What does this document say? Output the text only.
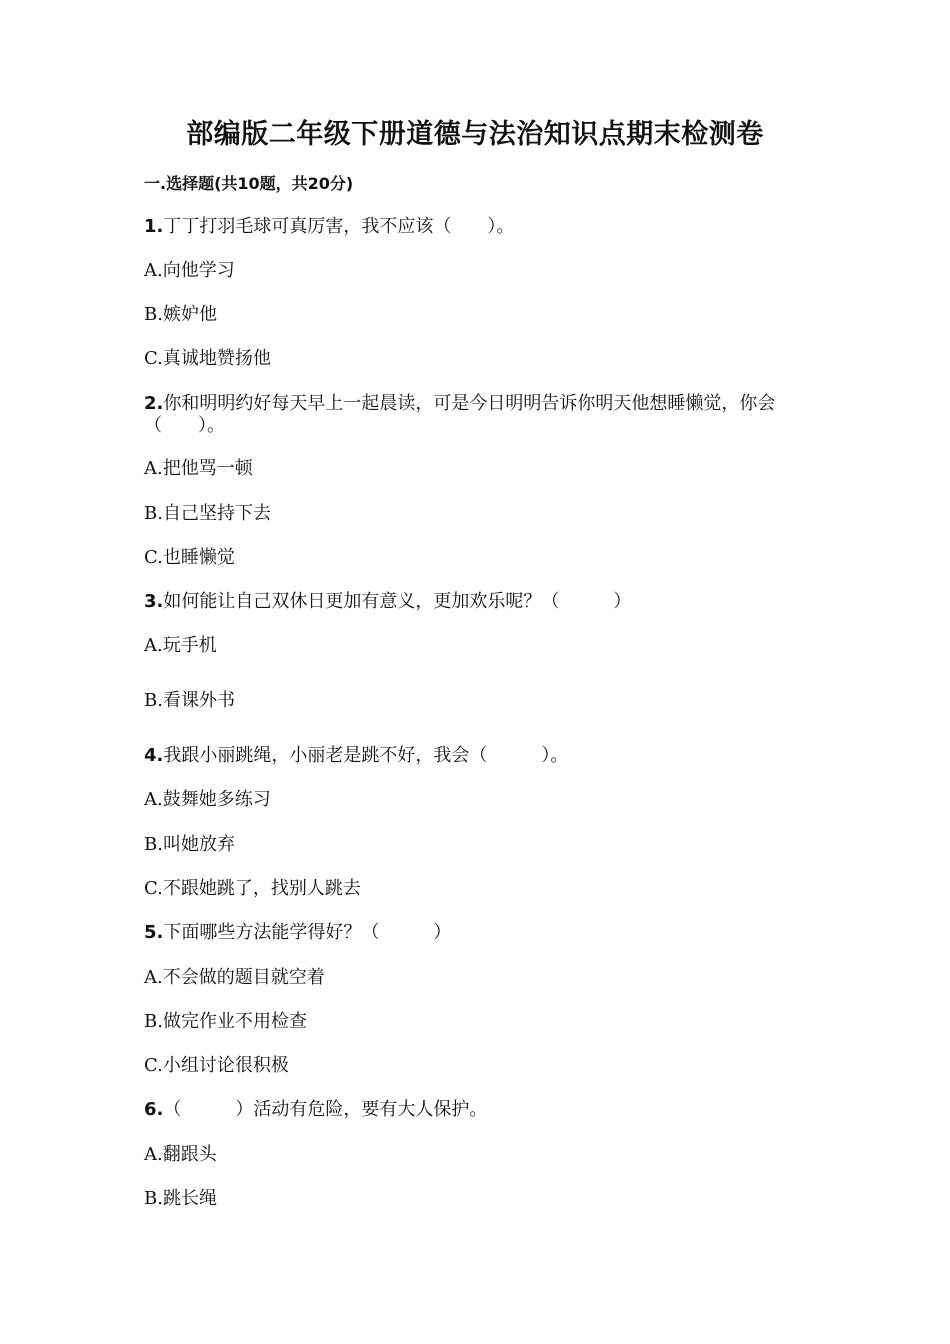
部编版二年级下册道德与法治知识点期末检测卷
一.选择题(共10题，共20分)
1.丁丁打羽毛球可真厉害，我不应该（　　）。
A.向他学习
B.嫉妒他
C.真诚地赞扬他
2.你和明明约好每天早上一起晨读，可是今日明明告诉你明天他想睡懒觉，你会（　　）。
A.把他骂一顿
B.自己坚持下去
C.也睡懒觉
3.如何能让自己双休日更加有意义，更加欢乐呢？（　　　）
A.玩手机
B.看课外书
4.我跟小丽跳绳，小丽老是跳不好，我会（　　　）。
A.鼓舞她多练习
B.叫她放弃
C.不跟她跳了，找别人跳去
5.下面哪些方法能学得好？（　　　）
A.不会做的题目就空着
B.做完作业不用检查
C.小组讨论很积极
6.（　　　）活动有危险，要有大人保护。
A.翻跟头
B.跳长绳
